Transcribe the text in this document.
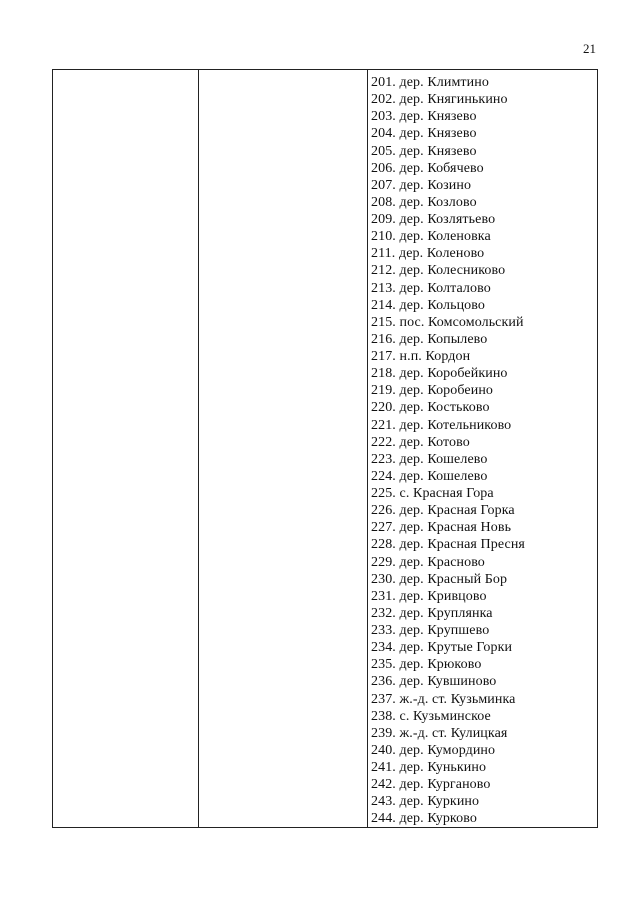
21
201. дер. Климтино
202. дер. Княгинькино
203. дер. Князево
204. дер. Князево
205. дер. Князево
206. дер. Кобячево
207. дер. Козино
208. дер. Козлово
209. дер. Козлятьево
210. дер. Коленовка
211. дер. Коленово
212. дер. Колесниково
213. дер. Колталово
214. дер. Кольцово
215. пос. Комсомольский
216. дер. Копылево
217. н.п. Кордон
218. дер. Коробейкино
219. дер. Коробеино
220. дер. Костьково
221. дер. Котельниково
222. дер. Котово
223. дер. Кошелево
224. дер. Кошелево
225. с. Красная Гора
226. дер. Красная Горка
227. дер. Красная Новь
228. дер. Красная Пресня
229. дер. Красново
230. дер. Красный Бор
231. дер. Кривцово
232. дер. Круплянка
233. дер. Крупшево
234. дер. Крутые Горки
235. дер. Крюково
236. дер. Кувшиново
237. ж.-д. ст. Кузьминка
238. с. Кузьминское
239. ж.-д. ст. Кулицкая
240. дер. Кумордино
241. дер. Кунькино
242. дер. Курганово
243. дер. Куркино
244. дер. Курково
